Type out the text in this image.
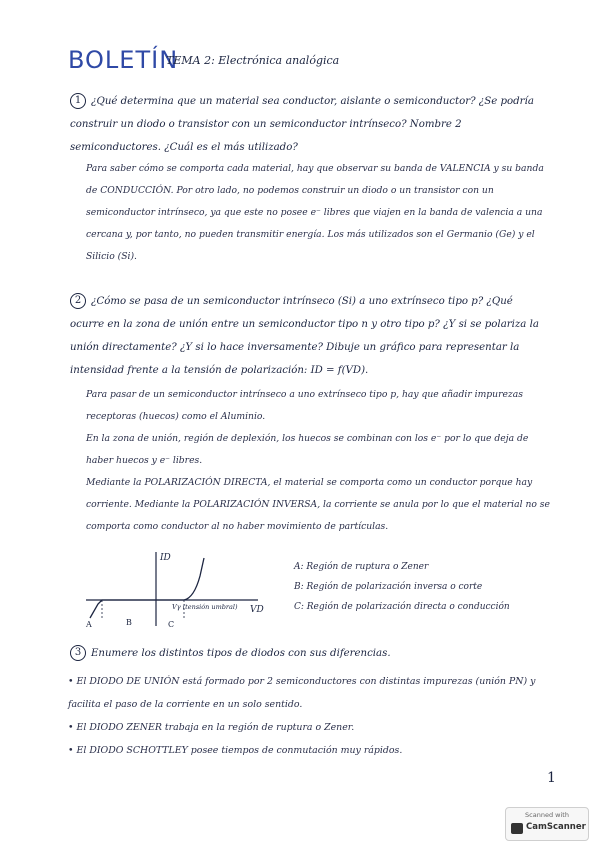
BOLETÍN
TEMA 2: Electrónica analógica
1 ¿Qué determina que un material sea conductor, aislante o semiconductor? ¿Se podría construir un diodo o transistor con un semiconductor intrínseco? Nombre 2 semiconductores. ¿Cuál es el más utilizado?

Para saber cómo se comporta cada material, hay que observar su banda de VALENCIA y su banda de CONDUCCIÓN. Por otro lado, no podemos construir un diodo o un transistor con un semiconductor intrínseco, ya que este no posee e⁻ libres que viajen en la banda de valencia a una cercana y, por tanto, no pueden transmitir energía. Los más utilizados son el Germanio (Ge) y el Silicio (Si).

2 ¿Cómo se pasa de un semiconductor intrínseco (Si) a uno extrínseco tipo p? ¿Qué ocurre en la zona de unión entre un semiconductor tipo n y otro tipo p? ¿Y si se polariza la unión directamente? ¿Y si lo hace inversamente? Dibuje un gráfico para representar la intensidad frente a la tensión de polarización: ID = f(VD).

Para pasar de un semiconductor intrínseco a uno extrínseco tipo p, hay que añadir impurezas receptoras (huecos) como el Aluminio.

En la zona de unión, región de deplexión, los huecos se combinan con los e⁻ por lo que deja de haber huecos y e⁻ libres.

Mediante la POLARIZACIÓN DIRECTA, el material se comporta como un conductor porque hay corriente. Mediante la POLARIZACIÓN INVERSA, la corriente se anula por lo que el material no se comporta como conductor al no haber movimiento de partículas.

ID
VD
Vγ (tensión umbral)
A	B	C
A: Región de ruptura o Zener
B: Región de polarización inversa o corte
C: Región de polarización directa o conducción
3 Enumere los distintos tipos de diodos con sus diferencias.
• El DIODO DE UNIÓN está formado por 2 semiconductores con distintas impurezas (unión PN) y facilita el paso de la corriente en un solo sentido.
• El DIODO ZENER trabaja en la región de ruptura o Zener.
• El DIODO SCHOTTLEY posee tiempos de conmutación muy rápidos.
1
Scanned with
CamScanner
